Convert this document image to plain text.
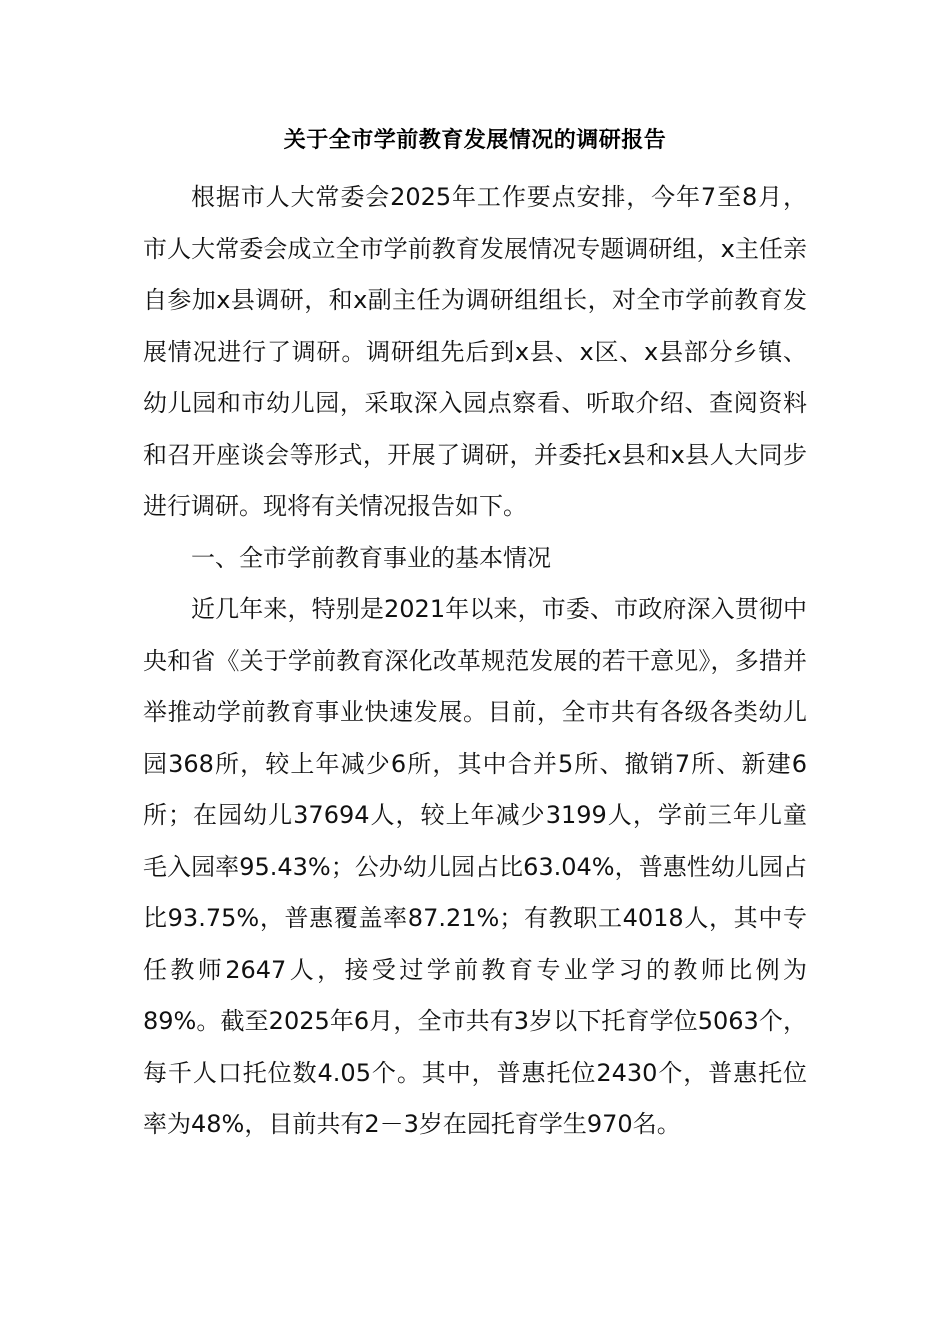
关于全市学前教育发展情况的调研报告

根据市人大常委会2025年工作要点安排，今年7至8月，市人大常委会成立全市学前教育发展情况专题调研组，x主任亲自参加x县调研，和x副主任为调研组组长，对全市学前教育发展情况进行了调研。调研组先后到x县、x区、x县部分乡镇、幼儿园和市幼儿园，采取深入园点察看、听取介绍、查阅资料和召开座谈会等形式，开展了调研，并委托x县和x县人大同步进行调研。现将有关情况报告如下。

一、全市学前教育事业的基本情况

近几年来，特别是2021年以来，市委、市政府深入贯彻中央和省《关于学前教育深化改革规范发展的若干意见》，多措并举推动学前教育事业快速发展。目前，全市共有各级各类幼儿园368所，较上年减少6所，其中合并5所、撤销7所、新建6所；在园幼儿37694人，较上年减少3199人，学前三年儿童毛入园率95.43%；公办幼儿园占比63.04%，普惠性幼儿园占比93.75%，普惠覆盖率87.21%；有教职工4018人，其中专任教师2647人，接受过学前教育专业学习的教师比例为89%。截至2025年6月，全市共有3岁以下托育学位5063个，每千人口托位数4.05个。其中，普惠托位2430个，普惠托位率为48%，目前共有2－3岁在园托育学生970名。
